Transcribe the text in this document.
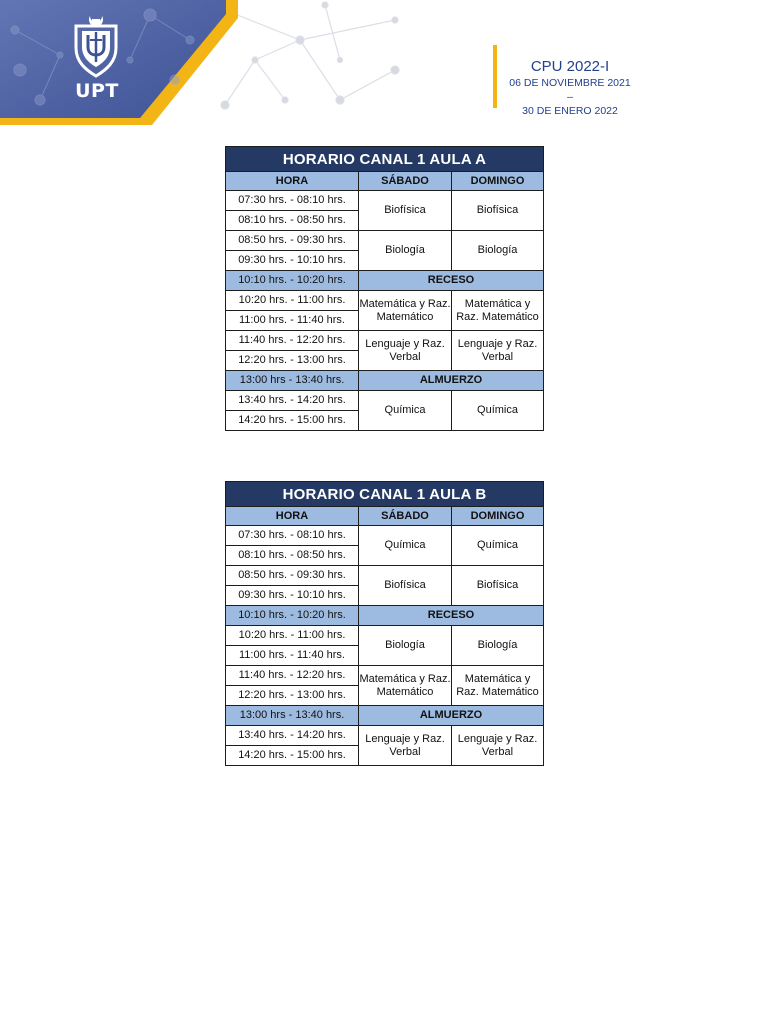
UPT
CPU 2022-I
06 DE NOVIEMBRE 2021 –
30 DE ENERO 2022
HORARIO CANAL 1 AULA A		
HORA	SÁBADO	DOMINGO
07:30 hrs. - 08:10 hrs.	Biofísica	Biofísica
08:10 hrs. - 08:50 hrs.		
08:50 hrs. - 09:30 hrs.	Biología	Biología
09:30 hrs. - 10:10 hrs.		
10:10 hrs. - 10:20 hrs.	RECESO	
10:20 hrs. - 11:00 hrs.	Matemática y Raz. Matemático	Matemática y Raz. Matemático
11:00 hrs. - 11:40 hrs.		
11:40 hrs. - 12:20 hrs.	Lenguaje y Raz. Verbal	Lenguaje y Raz. Verbal
12:20 hrs. - 13:00 hrs.		
13:00 hrs - 13:40 hrs.	ALMUERZO	
13:40 hrs. - 14:20 hrs.	Química	Química
14:20 hrs. - 15:00 hrs.		
HORARIO CANAL 1 AULA B		
HORA	SÁBADO	DOMINGO
07:30 hrs. - 08:10 hrs.	Química	Química
08:10 hrs. - 08:50 hrs.		
08:50 hrs. - 09:30 hrs.	Biofísica	Biofísica
09:30 hrs. - 10:10 hrs.		
10:10 hrs. - 10:20 hrs.	RECESO	
10:20 hrs. - 11:00 hrs.	Biología	Biología
11:00 hrs. - 11:40 hrs.		
11:40 hrs. - 12:20 hrs.	Matemática y Raz. Matemático	Matemática y Raz. Matemático
12:20 hrs. - 13:00 hrs.		
13:00 hrs - 13:40 hrs.	ALMUERZO	
13:40 hrs. - 14:20 hrs.	Lenguaje y Raz. Verbal	Lenguaje y Raz. Verbal
14:20 hrs. - 15:00 hrs.		
